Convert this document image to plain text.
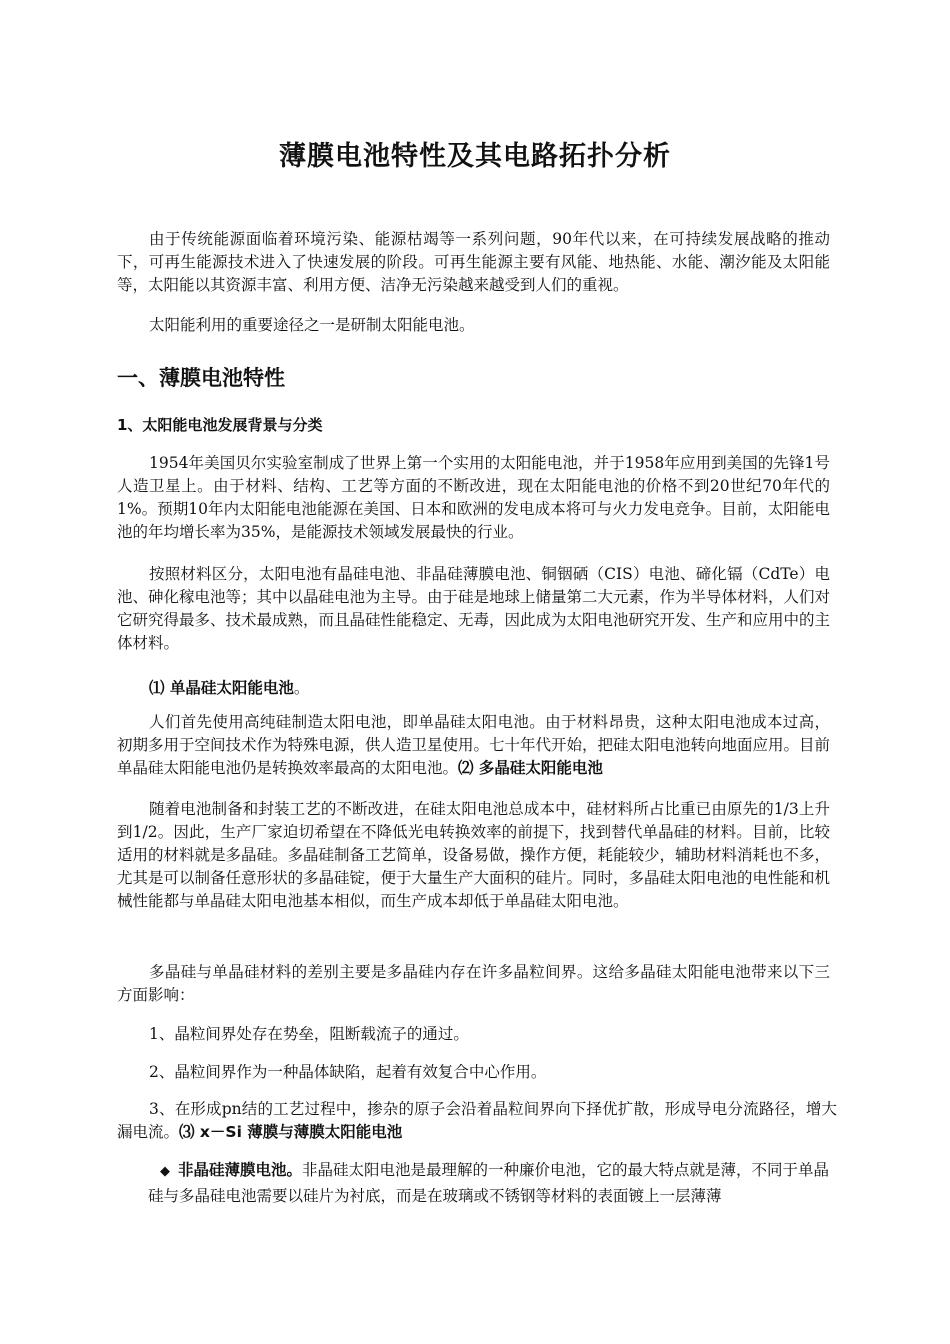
薄膜电池特性及其电路拓扑分析

由于传统能源面临着环境污染、能源枯竭等一系列问题，90年代以来，在可持续发展战略的推动下，可再生能源技术进入了快速发展的阶段。可再生能源主要有风能、地热能、水能、潮汐能及太阳能等，太阳能以其资源丰富、利用方便、洁净无污染越来越受到人们的重视。

太阳能利用的重要途径之一是研制太阳能电池。

一、薄膜电池特性
1、太阳能电池发展背景与分类

1954年美国贝尔实验室制成了世界上第一个实用的太阳能电池，并于1958年应用到美国的先锋1号人造卫星上。由于材料、结构、工艺等方面的不断改进，现在太阳能电池的价格不到20世纪70年代的1%。预期10年内太阳能电池能源在美国、日本和欧洲的发电成本将可与火力发电竞争。目前，太阳能电池的年均增长率为35%，是能源技术领域发展最快的行业。

按照材料区分，太阳电池有晶硅电池、非晶硅薄膜电池、铜铟硒（CIS）电池、碲化镉（CdTe）电池、砷化稼电池等；其中以晶硅电池为主导。由于硅是地球上储量第二大元素，作为半导体材料，人们对它研究得最多、技术最成熟，而且晶硅性能稳定、无毒，因此成为太阳电池研究开发、生产和应用中的主体材料。

⑴ 单晶硅太阳能电池。

人们首先使用高纯硅制造太阳电池，即单晶硅太阳电池。由于材料昂贵，这种太阳电池成本过高，初期多用于空间技术作为特殊电源，供人造卫星使用。七十年代开始，把硅太阳电池转向地面应用。目前单晶硅太阳能电池仍是转换效率最高的太阳电池。⑵ 多晶硅太阳能电池

随着电池制备和封装工艺的不断改进，在硅太阳电池总成本中，硅材料所占比重已由原先的1/3上升到1/2。因此，生产厂家迫切希望在不降低光电转换效率的前提下，找到替代单晶硅的材料。目前，比较适用的材料就是多晶硅。多晶硅制备工艺简单，设备易做，操作方便，耗能较少，辅助材料消耗也不多，尤其是可以制备任意形状的多晶硅锭，便于大量生产大面积的硅片。同时，多晶硅太阳电池的电性能和机械性能都与单晶硅太阳电池基本相似，而生产成本却低于单晶硅太阳电池。

多晶硅与单晶硅材料的差别主要是多晶硅内存在许多晶粒间界。这给多晶硅太阳能电池带来以下三方面影响：

1、晶粒间界处存在势垒，阻断载流子的通过。

2、晶粒间界作为一种晶体缺陷，起着有效复合中心作用。

3、在形成pn结的工艺过程中，掺杂的原子会沿着晶粒间界向下择优扩散，形成导电分流路径，增大漏电流。⑶ x－Si 薄膜与薄膜太阳能电池

◆ 非晶硅薄膜电池。非晶硅太阳电池是最理解的一种廉价电池，它的最大特点就是薄，不同于单晶硅与多晶硅电池需要以硅片为衬底，而是在玻璃或不锈钢等材料的表面镀上一层薄薄
